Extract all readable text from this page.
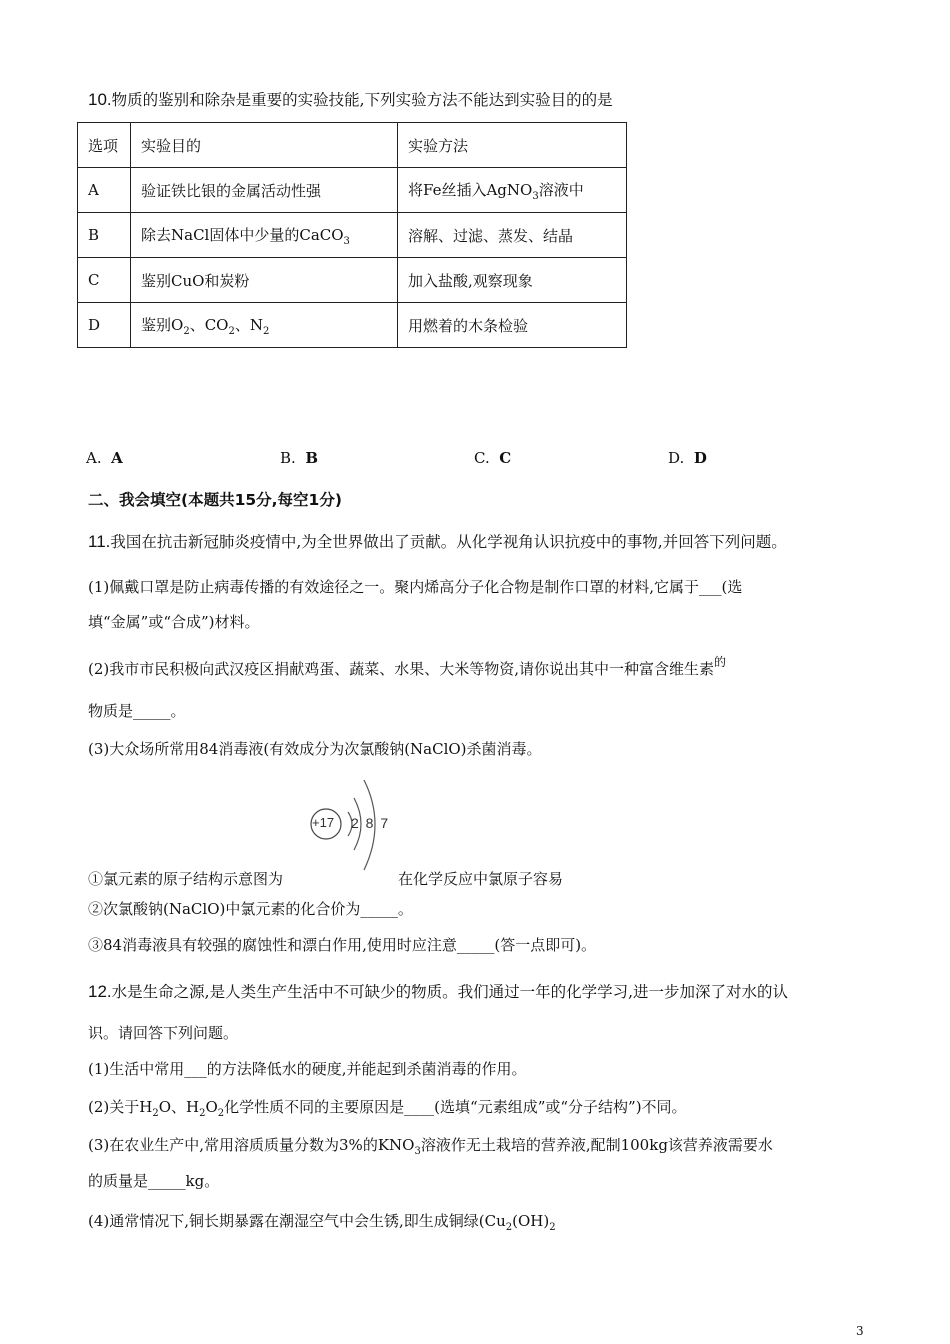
10.物质的鉴别和除杂是重要的实验技能,下列实验方法不能达到实验目的的是
选项	实验目的	实验方法
A	验证铁比银的金属活动性强	将Fe丝插入AgNO$_3$溶液中
B	除去NaCl固体中少量的CaCO$_3$	溶解、过滤、蒸发、结晶
C	鉴别CuO和炭粉	加入盐酸,观察现象
D	鉴别$O_2$、$CO_2$、$N_2$	用燃着的木条检验
A. A	B. B	C. C	D. D
二、我会填空(本题共15分,每空1分)
11.我国在抗击新冠肺炎疫情中,为全世界做出了贡献。从化学视角认识抗疫中的事物,并回答下列问题。
(1)佩戴口罩是防止病毒传播的有效途径之一。聚内烯高分子化合物是制作口罩的材料,它属于___(选
填“金属”或“合成”)材料。
(2)我市市民积极向武汉疫区捐献鸡蛋、蔬菜、水果、大米等物资,请你说出其中一种富含维生素$^的$
物质是_____。
(3)大众场所常用84消毒液(有效成分为次氯酸钠(NaClO)杀菌消毒。
+17 2 8 7
①氯元素的原子结构示意图为	在化学反应中氯原子容易
②次氯酸钠(NaClO)中氯元素的化合价为_____。
③84消毒液具有较强的腐蚀性和漂白作用,使用时应注意_____(答一点即可)。
12.水是生命之源,是人类生产生活中不可缺少的物质。我们通过一年的化学学习,进一步加深了对水的认
识。请回答下列问题。
(1)生活中常用___的方法降低水的硬度,并能起到杀菌消毒的作用。
(2)关于$H_2O$、$H_2O_2$化学性质不同的主要原因是____(选填“元素组成”或“分子结构”)不同。
(3)在农业生产中,常用溶质质量分数为3%的$KNO_3$溶液作无土栽培的营养液,配制100kg该营养液需要水
的质量是_____kg。
(4)通常情况下,铜长期暴露在潮湿空气中会生锈,即生成铜绿($Cu_2(OH)_2$
3
